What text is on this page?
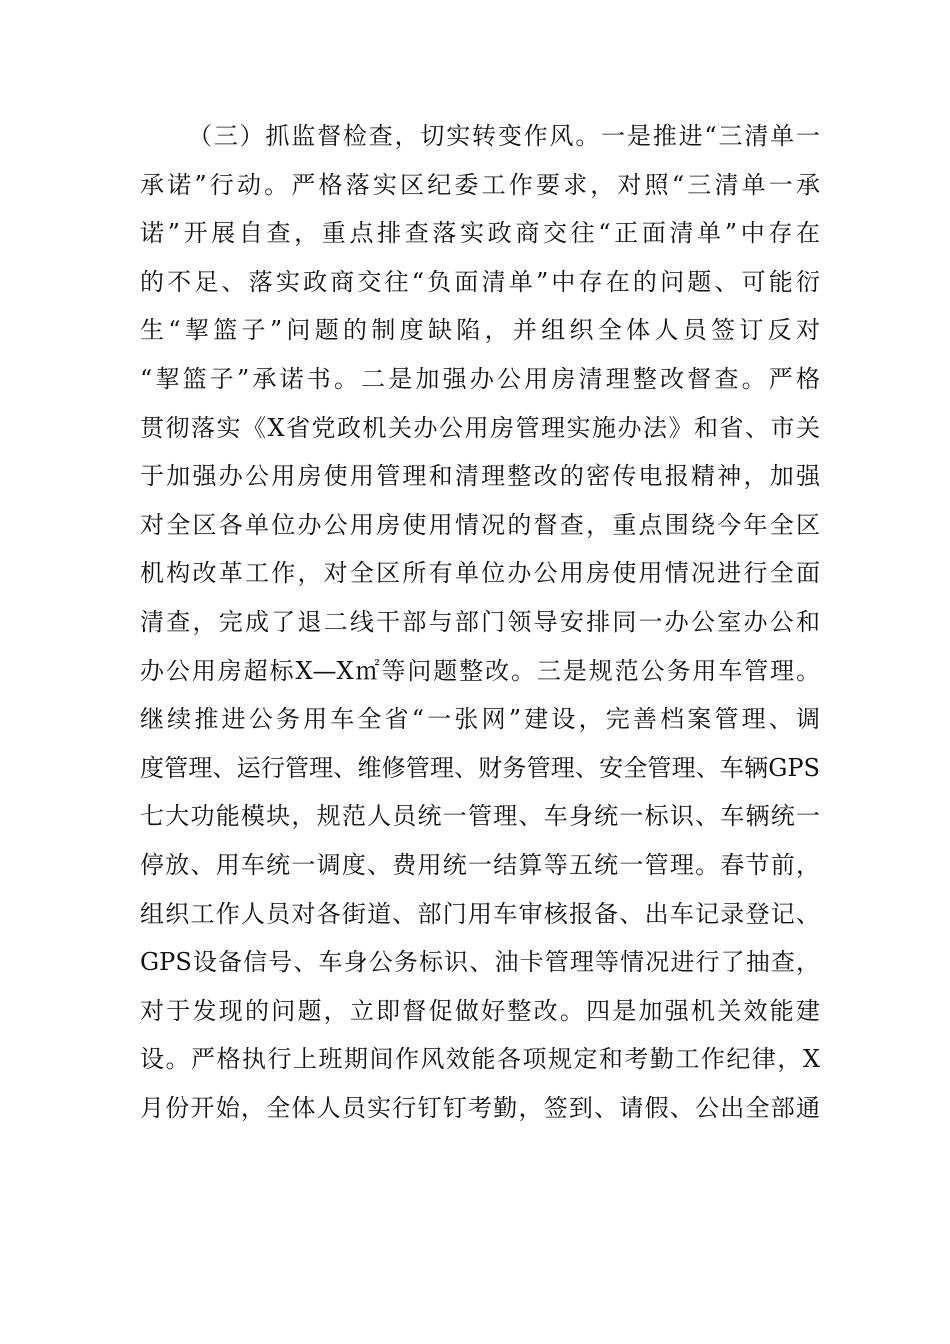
（三）抓监督检查，切实转变作风。一是推进“三清单一
承诺”行动。严格落实区纪委工作要求，对照“三清单一承
诺”开展自查，重点排查落实政商交往“正面清单”中存在
的不足、落实政商交往“负面清单”中存在的问题、可能衍
生“挈篮子”问题的制度缺陷，并组织全体人员签订反对
“挈篮子”承诺书。二是加强办公用房清理整改督查。严格
贯彻落实《X省党政机关办公用房管理实施办法》和省、市关
于加强办公用房使用管理和清理整改的密传电报精神，加强
对全区各单位办公用房使用情况的督查，重点围绕今年全区
机构改革工作，对全区所有单位办公用房使用情况进行全面
清查，完成了退二线干部与部门领导安排同一办公室办公和
办公用房超标X—X㎡等问题整改。三是规范公务用车管理。
继续推进公务用车全省“一张网”建设，完善档案管理、调
度管理、运行管理、维修管理、财务管理、安全管理、车辆GPS
七大功能模块，规范人员统一管理、车身统一标识、车辆统一
停放、用车统一调度、费用统一结算等五统一管理。春节前，
组织工作人员对各街道、部门用车审核报备、出车记录登记、
GPS设备信号、车身公务标识、油卡管理等情况进行了抽查，
对于发现的问题，立即督促做好整改。四是加强机关效能建
设。严格执行上班期间作风效能各项规定和考勤工作纪律，X
月份开始，全体人员实行钉钉考勤，签到、请假、公出全部通
